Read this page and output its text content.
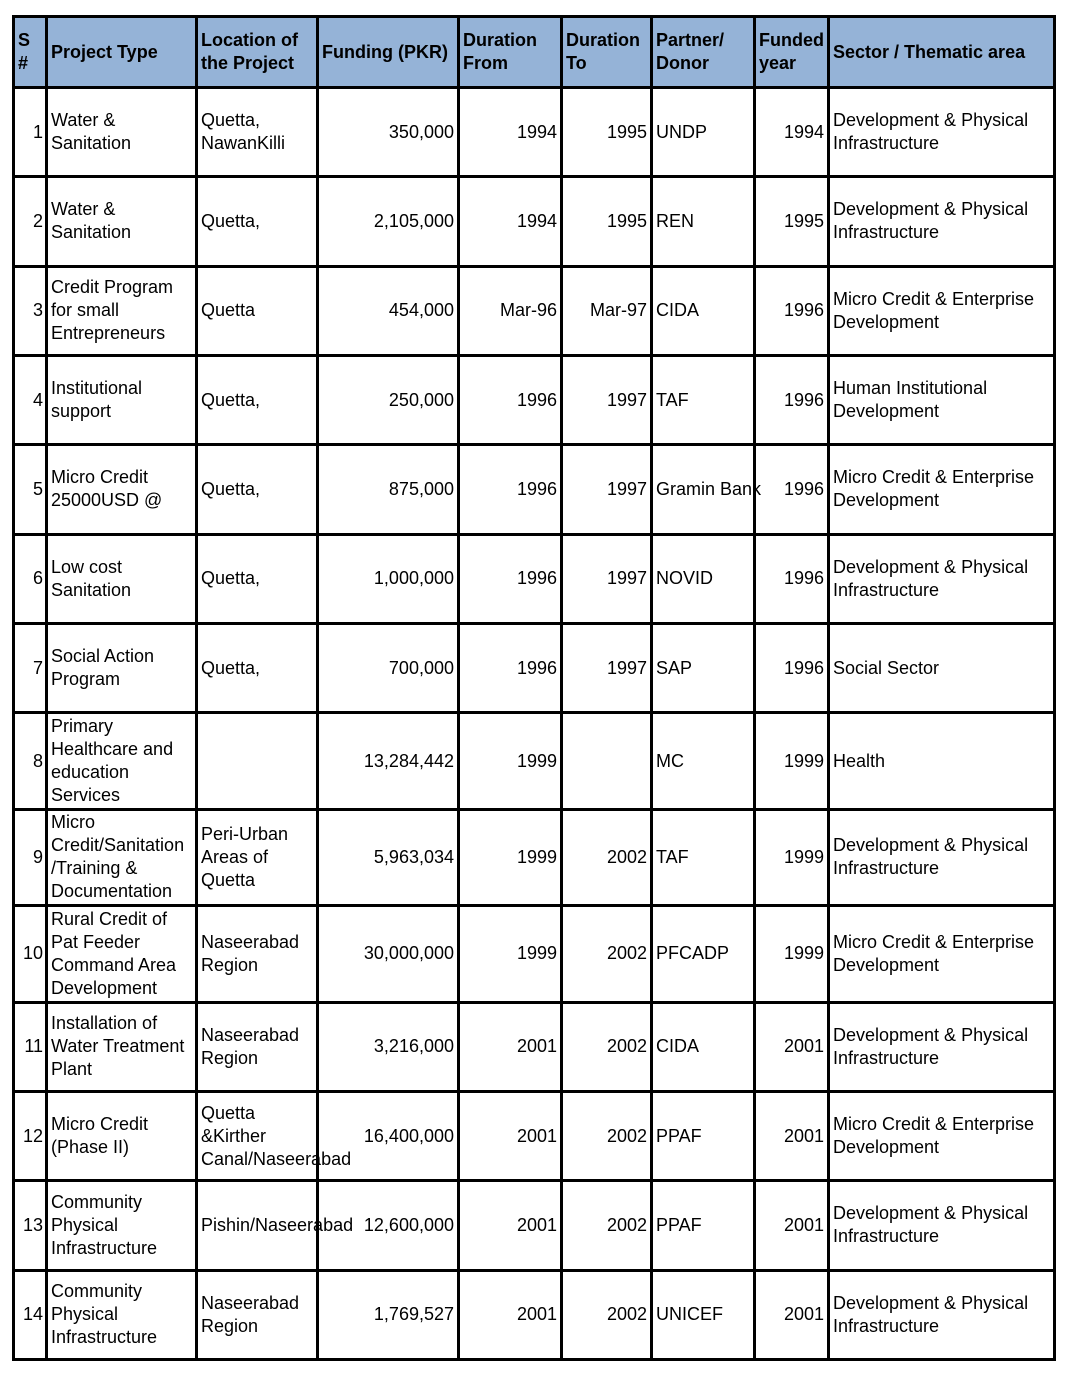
S #	Project Type	Location of the Project	Funding (PKR)	Duration From	Duration To	Partner/ Donor	Funded year	Sector / Thematic area
1	Water & Sanitation	Quetta, NawanKilli	350,000	1994	1995	UNDP	1994	Development & Physical Infrastructure
2	Water & Sanitation	Quetta,	2,105,000	1994	1995	REN	1995	Development & Physical Infrastructure
3	Credit Program for small Entrepreneurs	Quetta	454,000	Mar-96	Mar-97	CIDA	1996	Micro Credit & Enterprise Development
4	Institutional support	Quetta,	250,000	1996	1997	TAF	1996	Human Institutional Development
5	Micro Credit 25000USD @	Quetta,	875,000	1996	1997	Gramin Bank	1996	Micro Credit & Enterprise Development
6	Low cost Sanitation	Quetta,	1,000,000	1996	1997	NOVID	1996	Development & Physical Infrastructure
7	Social Action Program	Quetta,	700,000	1996	1997	SAP	1996	Social Sector
8	Primary Healthcare and education Services		13,284,442	1999		MC	1999	Health
9	Micro Credit/Sanitation /Training & Documentation	Peri-Urban Areas of Quetta	5,963,034	1999	2002	TAF	1999	Development & Physical Infrastructure
10	Rural Credit of Pat Feeder Command Area Development	Naseerabad Region	30,000,000	1999	2002	PFCADP	1999	Micro Credit & Enterprise Development
11	Installation of Water Treatment Plant	Naseerabad Region	3,216,000	2001	2002	CIDA	2001	Development & Physical Infrastructure
12	Micro Credit (Phase II)	Quetta &Kirther Canal/Naseerabad	16,400,000	2001	2002	PPAF	2001	Micro Credit & Enterprise Development
13	Community Physical Infrastructure	Pishin/Naseerabad	12,600,000	2001	2002	PPAF	2001	Development & Physical Infrastructure
14	Community Physical Infrastructure	Naseerabad Region	1,769,527	2001	2002	UNICEF	2001	Development & Physical Infrastructure
